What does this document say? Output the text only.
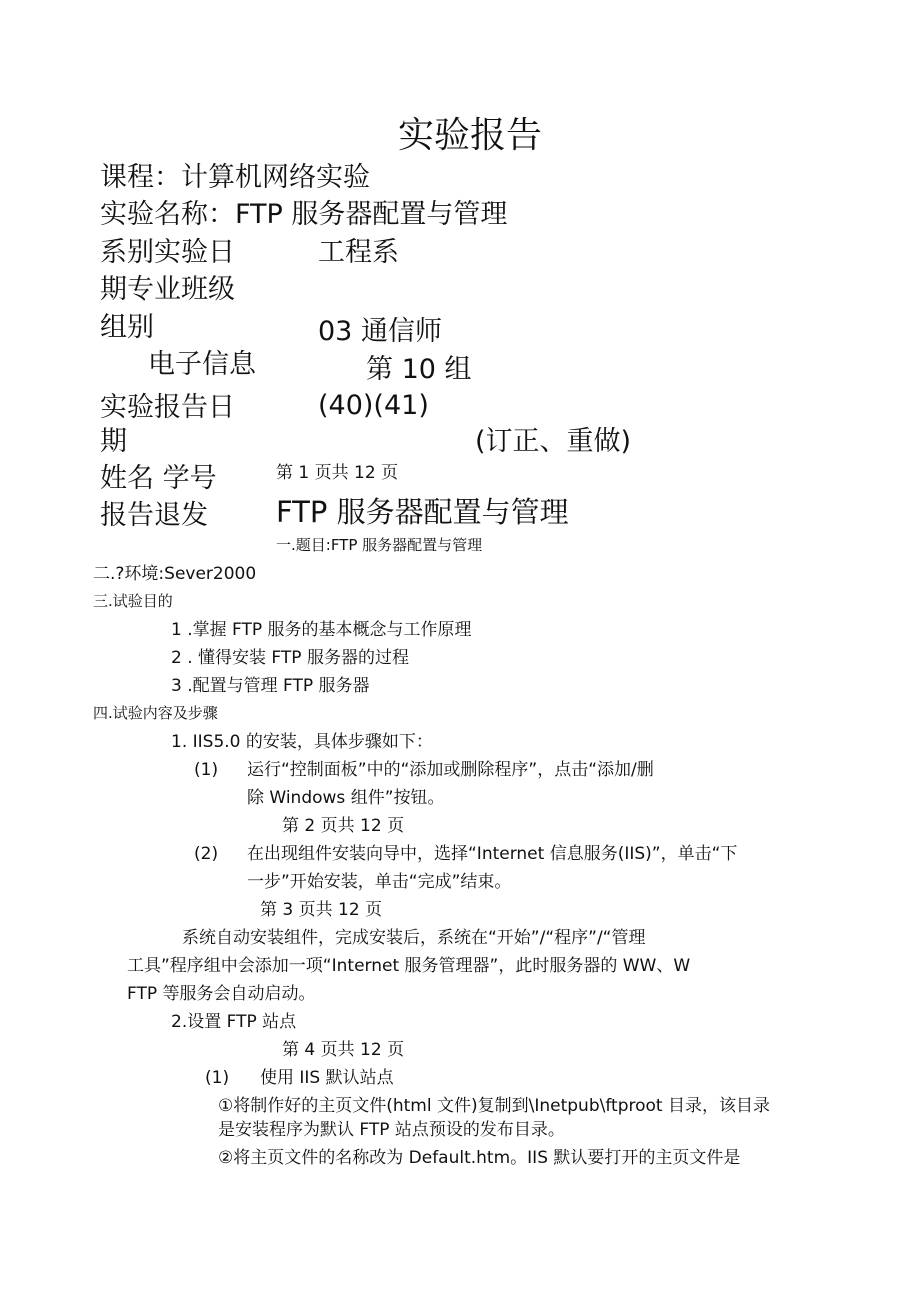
实验报告
课程：计算机网络实验
实验名称：FTP 服务器配置与管理
系别实验日	工程系
期专业班级
组别	03 通信师
电子信息	第 10 组
实验报告日	(40)(41)
期	(订正、重做)
姓名 学号	第 1 页共 12 页
报告退发 FTP 服务器配置与管理
一.题目:FTP 服务器配置与管理
二.?环境:Sever2000
三.试验目的
1 .掌握 FTP 服务的基本概念与工作原理
2 . 懂得安装 FTP 服务器的过程
3 .配置与管理 FTP 服务器
四.试验内容及步骤
1. IIS5.0 的安装，具体步骤如下：
(1) 运行“控制面板”中的“添加或删除程序”，点击“添加/删
除 Windows 组件”按钮。
第 2 页共 12 页
(2) 在出现组件安装向导中，选择“Internet 信息服务(IIS)”，单击“下
一步”开始安装，单击“完成”结束。
第 3 页共 12 页
系统自动安装组件，完成安装后，系统在“开始”/“程序”/“管理
工具”程序组中会添加一项“Internet 服务管理器”，此时服务器的 WW、W
FTP 等服务会自动启动。
2.设置 FTP 站点
第 4 页共 12 页
(1) 使用 IIS 默认站点
①将制作好的主页文件(html 文件)复制到\Inetpub\ftproot 目录，该目录
是安装程序为默认 FTP 站点预设的发布目录。
②将主页文件的名称改为 Default.htm。IIS 默认要打开的主页文件是
